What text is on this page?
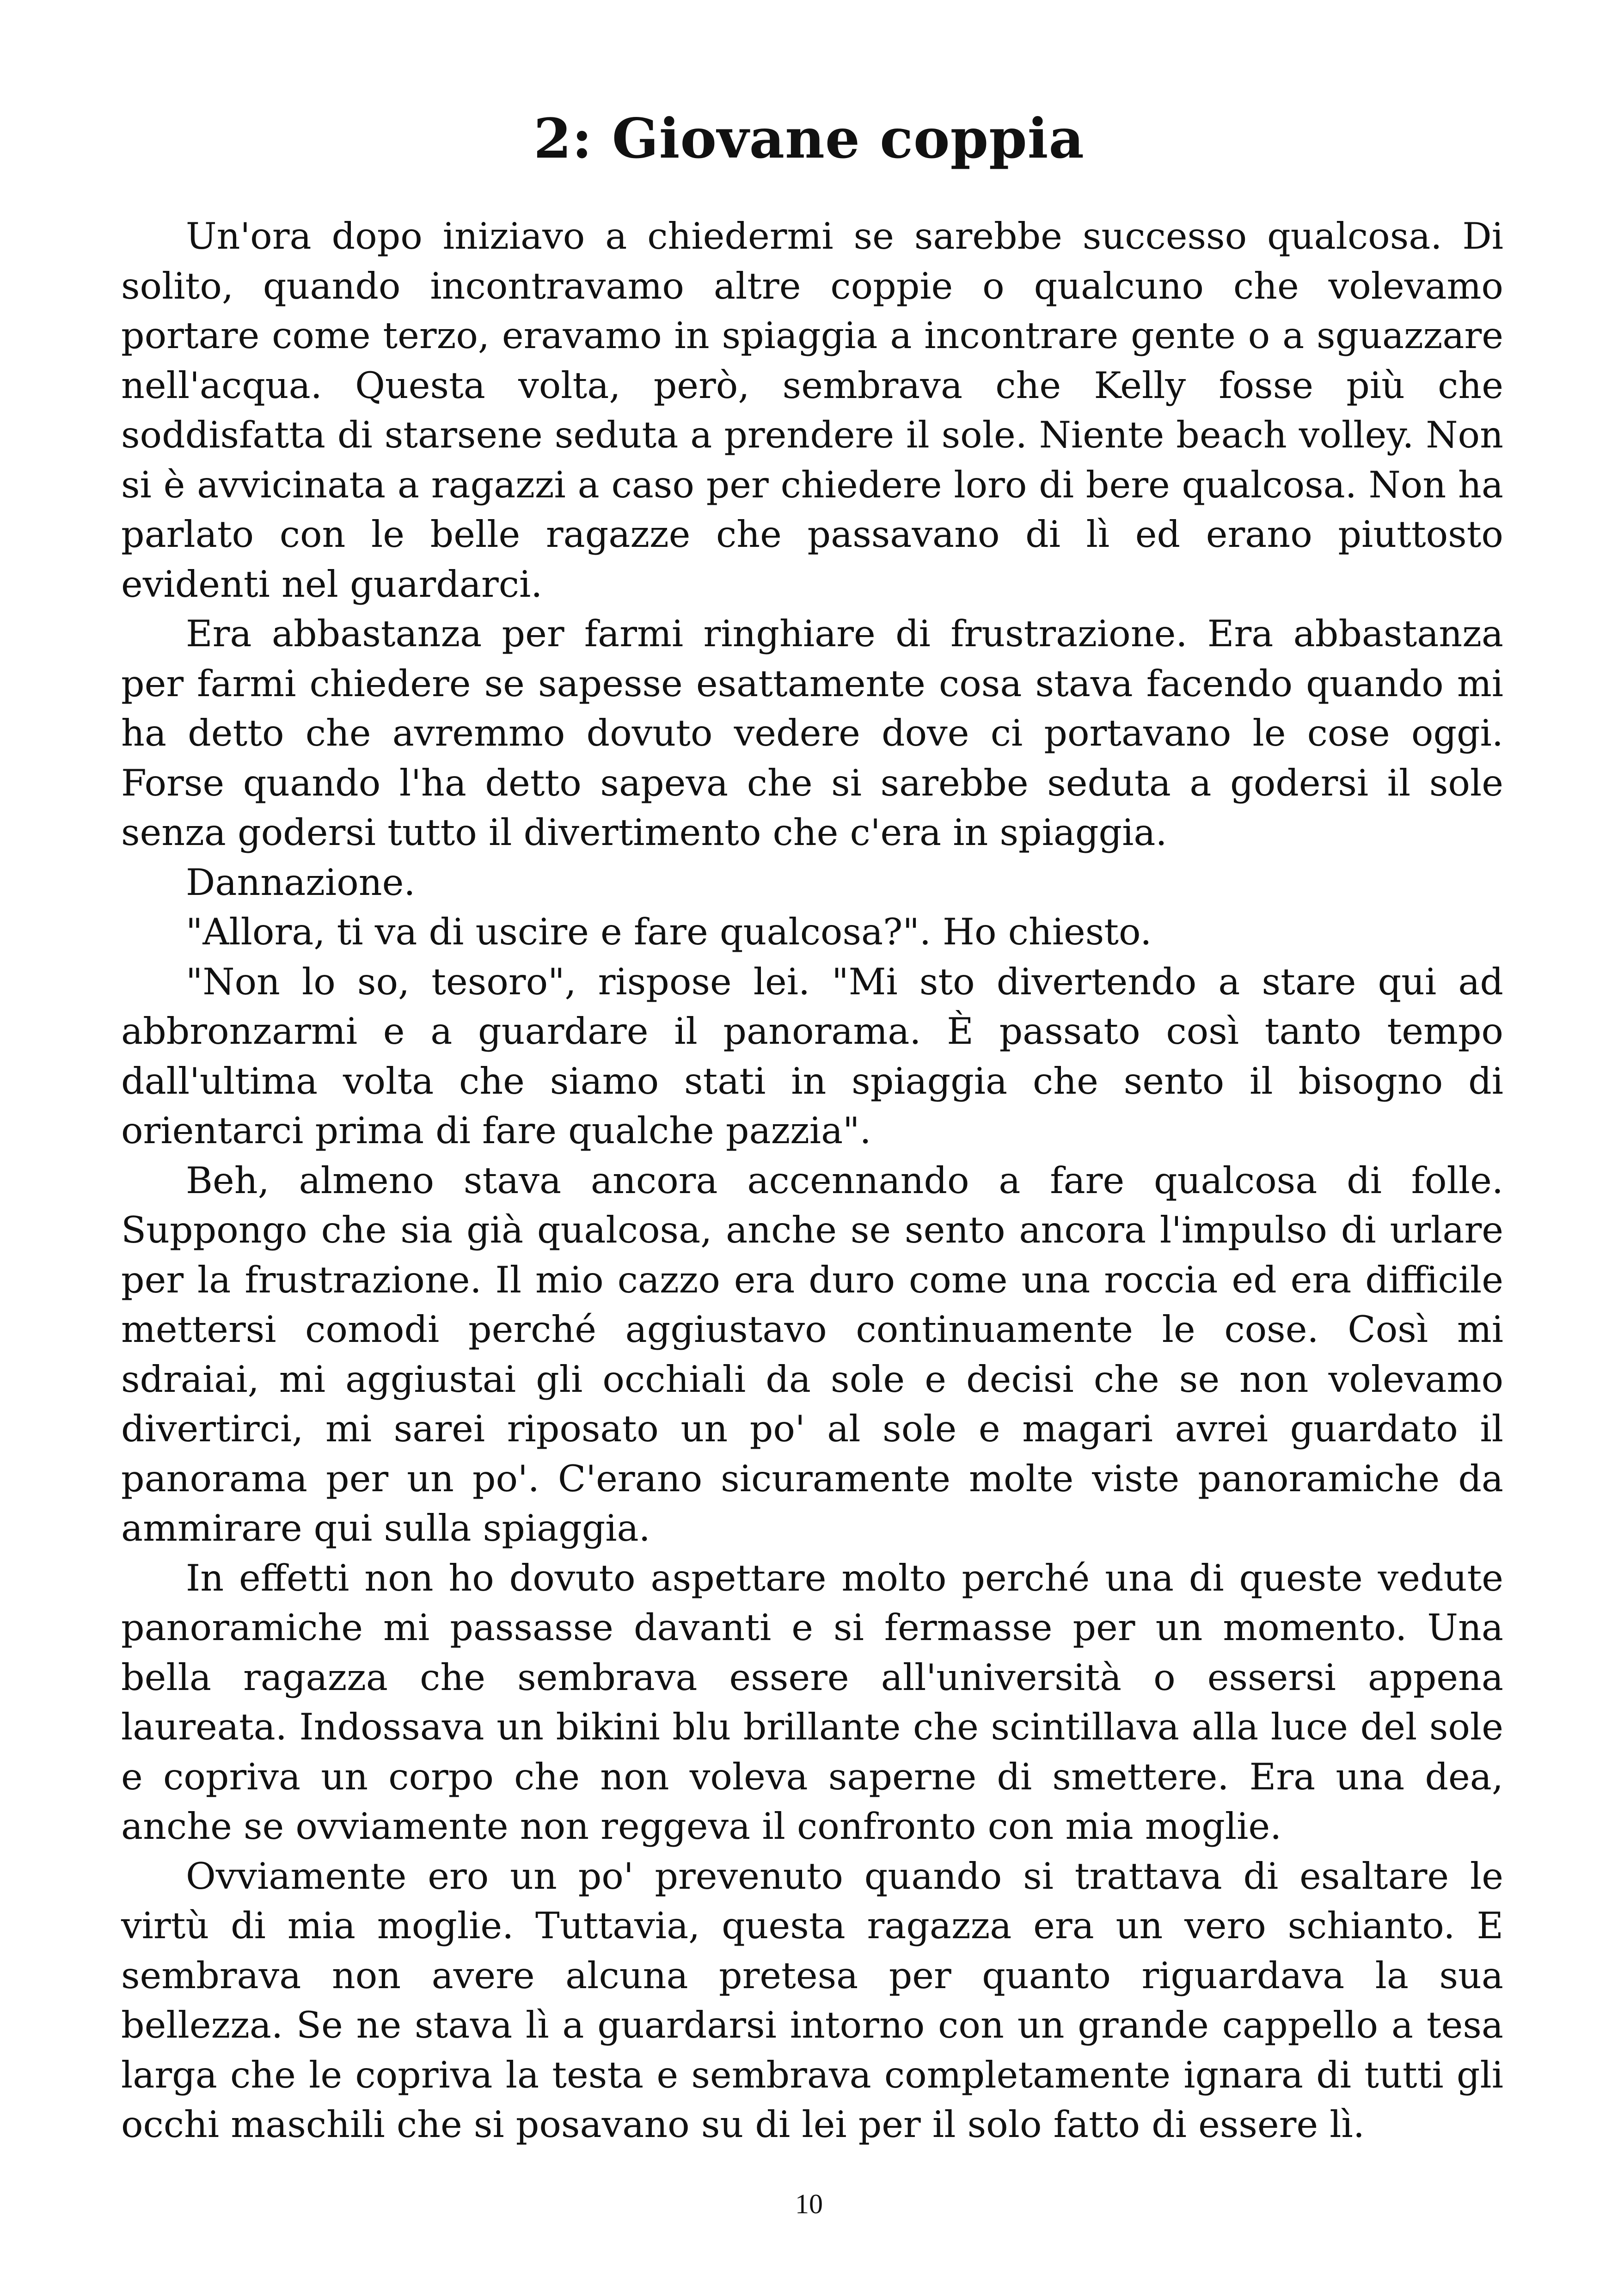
2: Giovane coppia

Un'ora dopo iniziavo a chiedermi se sarebbe successo qualcosa. Di solito, quando incontravamo altre coppie o qualcuno che volevamo portare come terzo, eravamo in spiaggia a incontrare gente o a sguazzare nell'acqua. Questa volta, però, sembrava che Kelly fosse più che soddisfatta di starsene seduta a prendere il sole. Niente beach volley. Non si è avvicinata a ragazzi a caso per chiedere loro di bere qualcosa. Non ha parlato con le belle ragazze che passavano di lì ed erano piuttosto evidenti nel guardarci.

Era abbastanza per farmi ringhiare di frustrazione. Era abbastanza per farmi chiedere se sapesse esattamente cosa stava facendo quando mi ha detto che avremmo dovuto vedere dove ci portavano le cose oggi. Forse quando l'ha detto sapeva che si sarebbe seduta a godersi il sole senza godersi tutto il divertimento che c'era in spiaggia.

Dannazione.

"Allora, ti va di uscire e fare qualcosa?". Ho chiesto.

"Non lo so, tesoro", rispose lei. "Mi sto divertendo a stare qui ad abbronzarmi e a guardare il panorama. È passato così tanto tempo dall'ultima volta che siamo stati in spiaggia che sento il bisogno di orientarci prima di fare qualche pazzia".

Beh, almeno stava ancora accennando a fare qualcosa di folle. Suppongo che sia già qualcosa, anche se sento ancora l'impulso di urlare per la frustrazione. Il mio cazzo era duro come una roccia ed era difficile mettersi comodi perché aggiustavo continuamente le cose. Così mi sdraiai, mi aggiustai gli occhiali da sole e decisi che se non volevamo divertirci, mi sarei riposato un po' al sole e magari avrei guardato il panorama per un po'. C'erano sicuramente molte viste panoramiche da ammirare qui sulla spiaggia.

In effetti non ho dovuto aspettare molto perché una di queste vedute panoramiche mi passasse davanti e si fermasse per un momento. Una bella ragazza che sembrava essere all'università o essersi appena laureata. Indossava un bikini blu brillante che scintillava alla luce del sole e copriva un corpo che non voleva saperne di smettere. Era una dea, anche se ovviamente non reggeva il confronto con mia moglie.

Ovviamente ero un po' prevenuto quando si trattava di esaltare le virtù di mia moglie. Tuttavia, questa ragazza era un vero schianto. E sembrava non avere alcuna pretesa per quanto riguardava la sua bellezza. Se ne stava lì a guardarsi intorno con un grande cappello a tesa larga che le copriva la testa e sembrava completamente ignara di tutti gli occhi maschili che si posavano su di lei per il solo fatto di essere lì.

10
